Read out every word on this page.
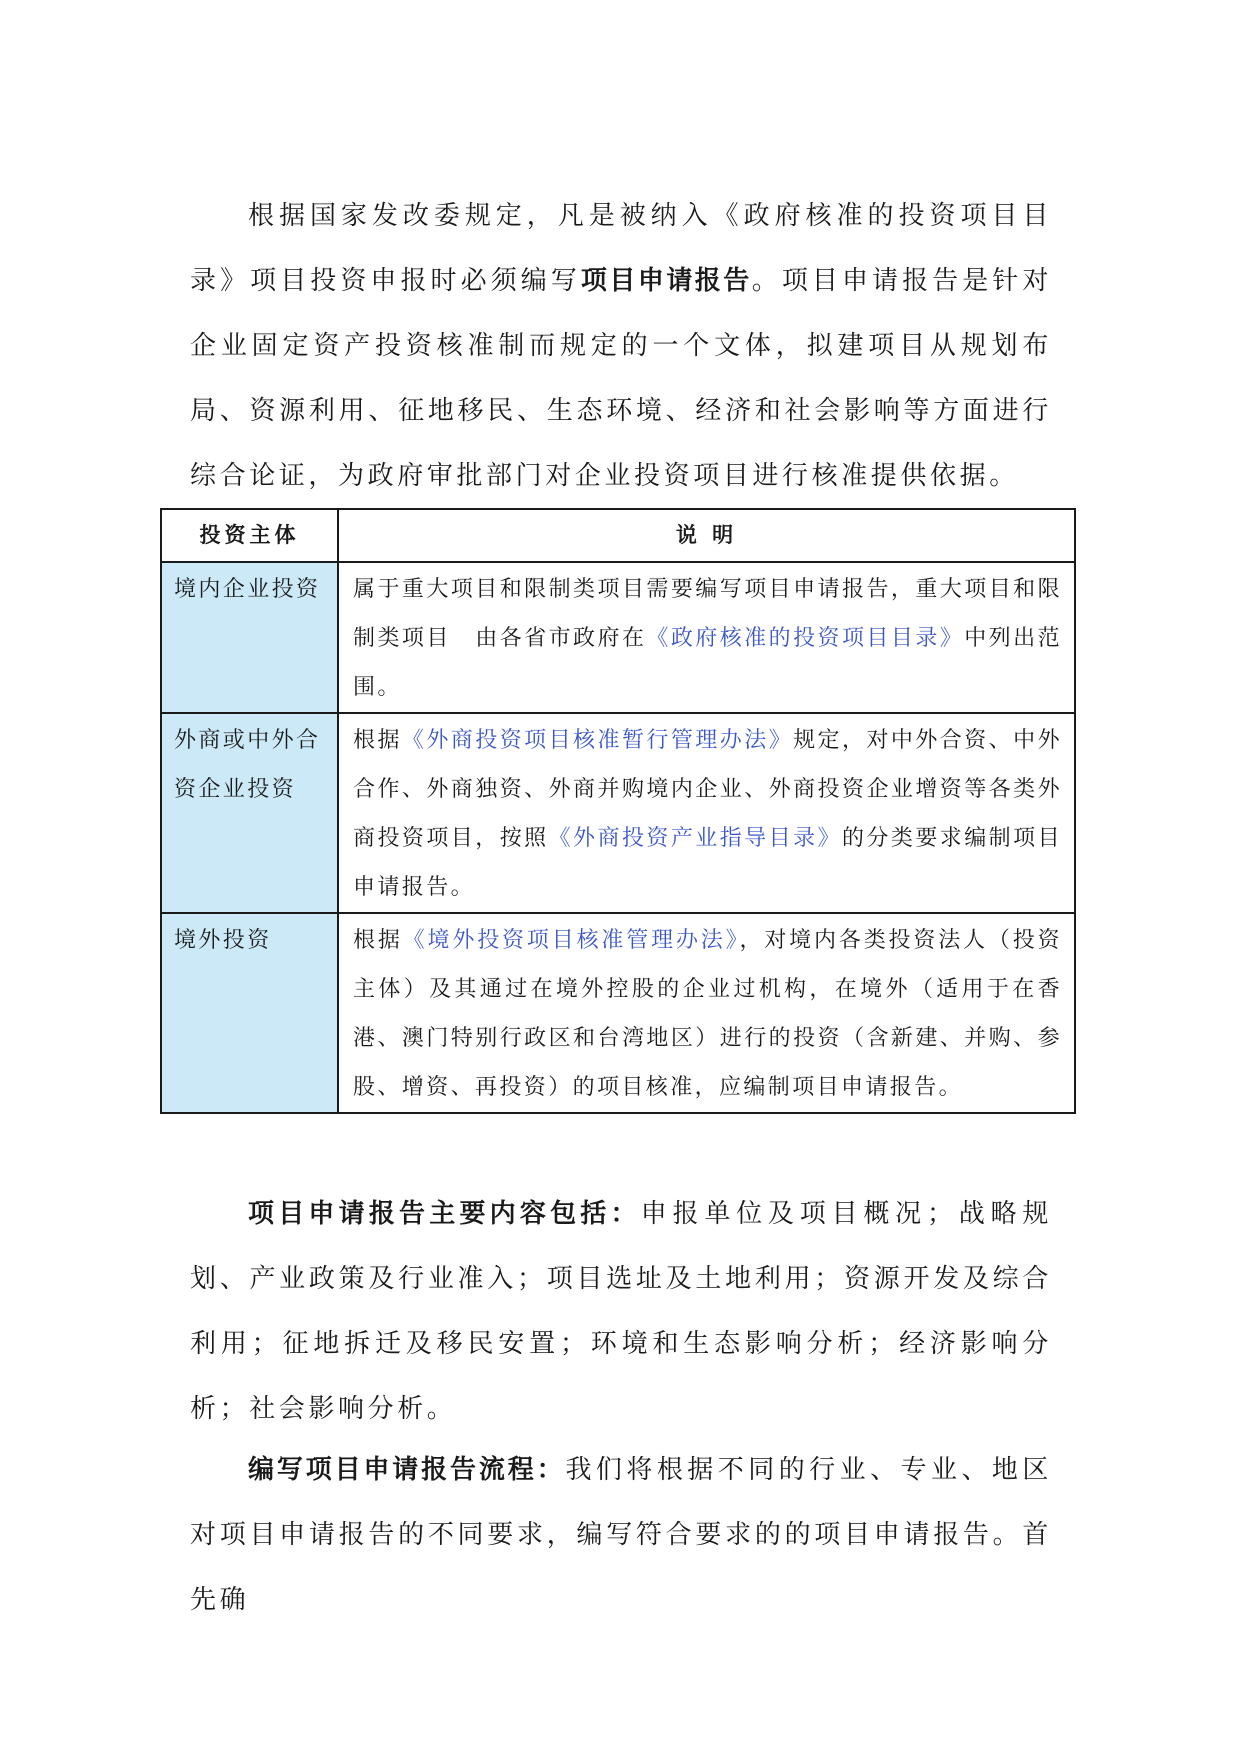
根据国家发改委规定，凡是被纳入《政府核准的投资项目目录》项目投资申报时必须编写项目申请报告。项目申请报告是针对企业固定资产投资核准制而规定的一个文体，拟建项目从规划布局、资源利用、征地移民、生态环境、经济和社会影响等方面进行综合论证，为政府审批部门对企业投资项目进行核准提供依据。

投资主体	说 明
境内企业投资	属于重大项目和限制类项目需要编写项目申请报告，重大项目和限制类项目　由各省市政府在《政府核准的投资项目目录》中列出范围。
外商或中外合资企业投资	根据《外商投资项目核准暂行管理办法》规定，对中外合资、中外合作、外商独资、外商并购境内企业、外商投资企业增资等各类外商投资项目，按照《外商投资产业指导目录》的分类要求编制项目申请报告。
境外投资	根据《境外投资项目核准管理办法》，对境内各类投资法人（投资主体）及其通过在境外控股的企业过机构，在境外（适用于在香港、澳门特别行政区和台湾地区）进行的投资（含新建、并购、参股、增资、再投资）的项目核准，应编制项目申请报告。

项目申请报告主要内容包括：申报单位及项目概况；战略规划、产业政策及行业准入；项目选址及土地利用；资源开发及综合利用；征地拆迁及移民安置；环境和生态影响分析；经济影响分析；社会影响分析。

编写项目申请报告流程：我们将根据不同的行业、专业、地区对项目申请报告的不同要求，编写符合要求的的项目申请报告。首先确
